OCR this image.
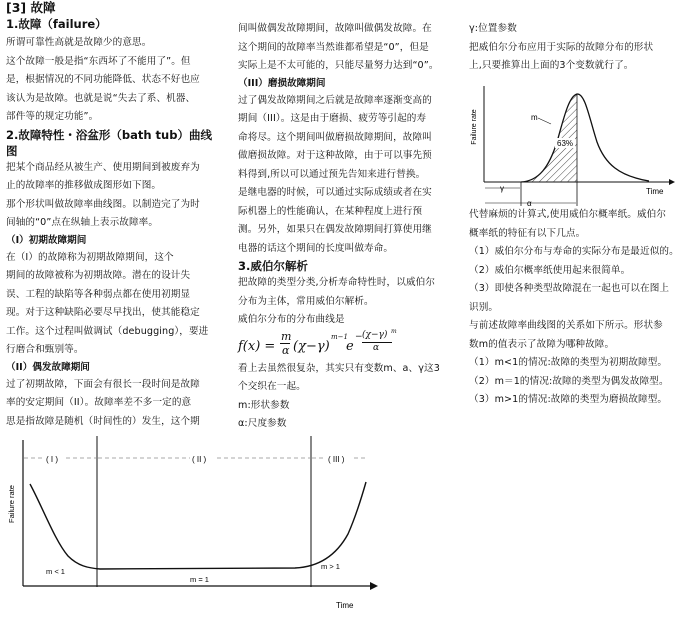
[3] 故障
1.故障（failure）

所谓可靠性高就是故障少的意思。

这个故障一般是指“东西坏了不能用了”。但

是，根据情况的不同功能降低、状态不好也应

该认为是故障。也就是说“失去了系、机器、

部件等的规定功能”。

2.故障特性・浴盆形（bath tub）曲线
图

把某个商品经从被生产、使用期间到被废弃为

止的故障率的推移做成图形如下图。

那个形状叫做故障率曲线图。以制造完了为时

间轴的“0”点在纵轴上表示故障率。

（I）初期故障期间

在（I）的故障称为初期故障期间，这个

期间的故障被称为初期故障。潜在的设计失

误、工程的缺陷等各种弱点都在使用初期显

现。对于这种缺陷必要尽早找出，使其能稳定

工作。这个过程叫做调试（debugging），要进

行磨合和甄别等。

（II）偶发故障期间

过了初期故障，下面会有很长一段时间是故障

率的安定期间（II）。故障率差不多一定的意

思是指故障是随机（时间性的）发生，这个期

间叫做偶发故障期间，故障叫做偶发故障。在

这个期间的故障率当然谁都希望是“0”，但是

实际上是不太可能的，只能尽量努力达到“0”。

（III）磨损故障期间

过了偶发故障期间之后就是故障率逐渐变高的

期间（III）。这是由于磨损、疲劳等引起的寿

命将尽。这个期间叫做磨损故障期间，故障叫

做磨损故障。对于这种故障，由于可以事先预

料得到,所以可以通过预先告知来进行替换。

是继电器的时候，可以通过实际成绩或者在实

际机器上的性能确认，在某种程度上进行预

测。另外，如果只在偶发故障期间打算使用继

电器的话这个期间的长度叫做寿命。

3.威伯尔解析

把故障的类型分类,分析寿命特性时，以威伯尔

分布为主体，常用威伯尔解析。

威伯尔分布的分布曲线是

f(x) =
m
α (χ−γ)
m−1
e
− (χ−γ) m
α

看上去虽然很复杂，其实只有变数m、a、γ这3

个交织在一起。

m:形状参数

α:尺度参数

γ:位置参数

把威伯尔分布应用于实际的故障分布的形状

上,只要推算出上面的3个变数就行了。

代替麻烦的计算式,使用威伯尔概率纸。威伯尔

概率纸的特征有以下几点。

（1）威伯尔分布与寿命的实际分布是最近似的。

（2）威伯尔概率纸使用起来很简单。

（3）即使各种类型故障混在一起也可以在图上

识别。

与前述故障率曲线图的关系如下所示。形状参

数m的值表示了故障为哪种故障。

（1）m<1的情况:故障的类型为初期故障型。

（2）m＝1的情况:故障的类型为偶发故障型。

（3）m>1的情况:故障的类型为磨损故障型。

Failure rate
Time
63%
m
γ
α
Failure rate
Time
( I )	( II )	( III )
m < 1
m = 1
m > 1
